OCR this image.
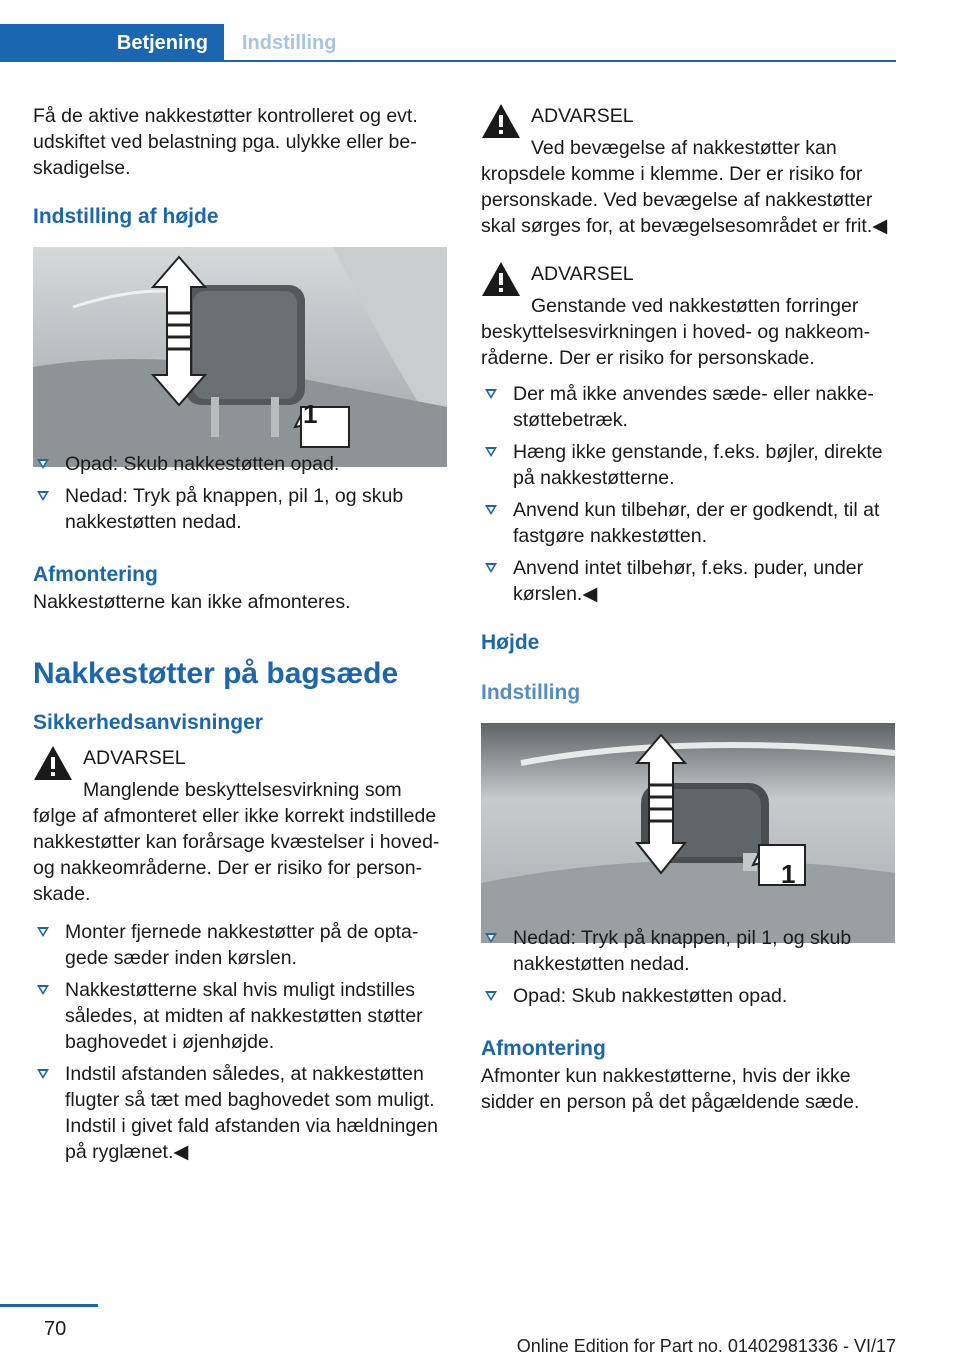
Betjening	Indstilling

Få de aktive nakkestøtter kontrolleret og evt. udskiftet ved belastning pga. ulykke eller beskadigelse.

Indstilling af højde
1
Opad: Skub nakkestøtten opad.
Nedad: Tryk på knappen, pil 1, og skub nakkestøtten nedad.
Afmontering

Nakkestøtterne kan ikke afmonteres.

Nakkestøtter på bagsæde
Sikkerhedsanvisninger
ADVARSEL
Manglende beskyttelsesvirkning som
følge af afmonteret eller ikke korrekt indstillede nakkestøtter kan forårsage kvæstelser i hoved- og nakkeområderne. Der er risiko for personskade.
Monter fjernede nakkestøtter på de optagede sæder inden kørslen.
Nakkestøtterne skal hvis muligt indstilles således, at midten af nakkestøtten støtter baghovedet i øjenhøjde.
Indstil afstanden således, at nakkestøtten flugter så tæt med baghovedet som muligt. Indstil i givet fald afstanden via hældningen på ryglænet.◀
ADVARSEL
Ved bevægelse af nakkestøtter kan
kropsdele komme i klemme. Der er risiko for personskade. Ved bevægelse af nakkestøtter skal sørges for, at bevægelsesområdet er frit.◀
ADVARSEL
Genstande ved nakkestøtten forringer
beskyttelsesvirkningen i hoved- og nakkeområderne. Der er risiko for personskade.
Der må ikke anvendes sæde- eller nakkestøttebetræk.
Hæng ikke genstande, f.eks. bøjler, direkte på nakkestøtterne.
Anvend kun tilbehør, der er godkendt, til at fastgøre nakkestøtten.
Anvend intet tilbehør, f.eks. puder, under kørslen.◀
Højde
Indstilling
1
Nedad: Tryk på knappen, pil 1, og skub nakkestøtten nedad.
Opad: Skub nakkestøtten opad.
Afmontering

Afmonter kun nakkestøtterne, hvis der ikke sidder en person på det pågældende sæde.

70
Online Edition for Part no. 01402981336 - VI/17
